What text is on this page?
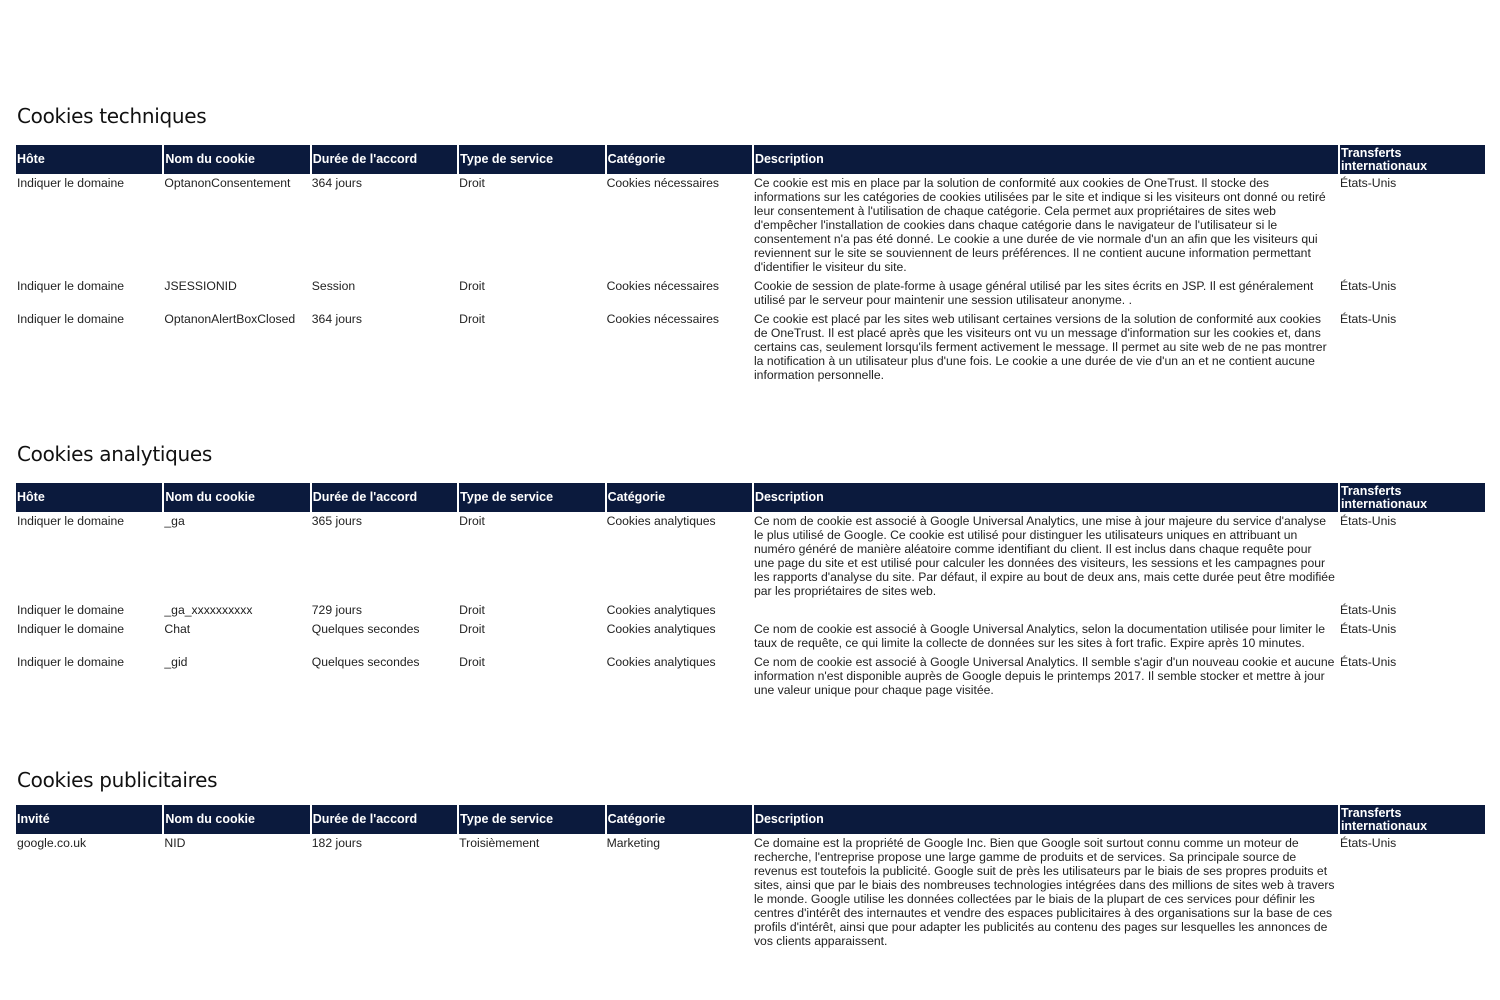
Cookies techniques
Hôte	Nom du cookie	Durée de l'accord	Type de service	Catégorie	Description	Transferts internationaux
Indiquer le domaine	OptanonConsentement	364 jours	Droit	Cookies nécessaires	Ce cookie est mis en place par la solution de conformité aux cookies de OneTrust. Il stocke des informations sur les catégories de cookies utilisées par le site et indique si les visiteurs ont donné ou retiré leur consentement à l'utilisation de chaque catégorie. Cela permet aux propriétaires de sites web d'empêcher l'installation de cookies dans chaque catégorie dans le navigateur de l'utilisateur si le consentement n'a pas été donné. Le cookie a une durée de vie normale d'un an afin que les visiteurs qui reviennent sur le site se souviennent de leurs préférences. Il ne contient aucune information permettant d'identifier le visiteur du site.	États-Unis
Indiquer le domaine	JSESSIONID	Session	Droit	Cookies nécessaires	Cookie de session de plate-forme à usage général utilisé par les sites écrits en JSP. Il est généralement utilisé par le serveur pour maintenir une session utilisateur anonyme. .	États-Unis
Indiquer le domaine	OptanonAlertBoxClosed	364 jours	Droit	Cookies nécessaires	Ce cookie est placé par les sites web utilisant certaines versions de la solution de conformité aux cookies de OneTrust. Il est placé après que les visiteurs ont vu un message d'information sur les cookies et, dans certains cas, seulement lorsqu'ils ferment activement le message. Il permet au site web de ne pas montrer la notification à un utilisateur plus d'une fois. Le cookie a une durée de vie d'un an et ne contient aucune information personnelle.	États-Unis
Cookies analytiques
Hôte	Nom du cookie	Durée de l'accord	Type de service	Catégorie	Description	Transferts internationaux
Indiquer le domaine	_ga	365 jours	Droit	Cookies analytiques	Ce nom de cookie est associé à Google Universal Analytics, une mise à jour majeure du service d'analyse le plus utilisé de Google. Ce cookie est utilisé pour distinguer les utilisateurs uniques en attribuant un numéro généré de manière aléatoire comme identifiant du client. Il est inclus dans chaque requête pour une page du site et est utilisé pour calculer les données des visiteurs, les sessions et les campagnes pour les rapports d'analyse du site. Par défaut, il expire au bout de deux ans, mais cette durée peut être modifiée par les propriétaires de sites web.	États-Unis
Indiquer le domaine	_ga_xxxxxxxxxx	729 jours	Droit	Cookies analytiques		États-Unis
Indiquer le domaine	Chat	Quelques secondes	Droit	Cookies analytiques	Ce nom de cookie est associé à Google Universal Analytics, selon la documentation utilisée pour limiter le taux de requête, ce qui limite la collecte de données sur les sites à fort trafic. Expire après 10 minutes.	États-Unis
Indiquer le domaine	_gid	Quelques secondes	Droit	Cookies analytiques	Ce nom de cookie est associé à Google Universal Analytics. Il semble s'agir d'un nouveau cookie et aucune information n'est disponible auprès de Google depuis le printemps 2017. Il semble stocker et mettre à jour une valeur unique pour chaque page visitée.	États-Unis
Cookies publicitaires
Invité	Nom du cookie	Durée de l'accord	Type de service	Catégorie	Description	Transferts internationaux
google.co.uk	NID	182 jours	Troisièmement	Marketing	Ce domaine est la propriété de Google Inc. Bien que Google soit surtout connu comme un moteur de recherche, l'entreprise propose une large gamme de produits et de services. Sa principale source de revenus est toutefois la publicité. Google suit de près les utilisateurs par le biais de ses propres produits et sites, ainsi que par le biais des nombreuses technologies intégrées dans des millions de sites web à travers le monde. Google utilise les données collectées par le biais de la plupart de ces services pour définir les centres d'intérêt des internautes et vendre des espaces publicitaires à des organisations sur la base de ces profils d'intérêt, ainsi que pour adapter les publicités au contenu des pages sur lesquelles les annonces de vos clients apparaissent.	États-Unis
